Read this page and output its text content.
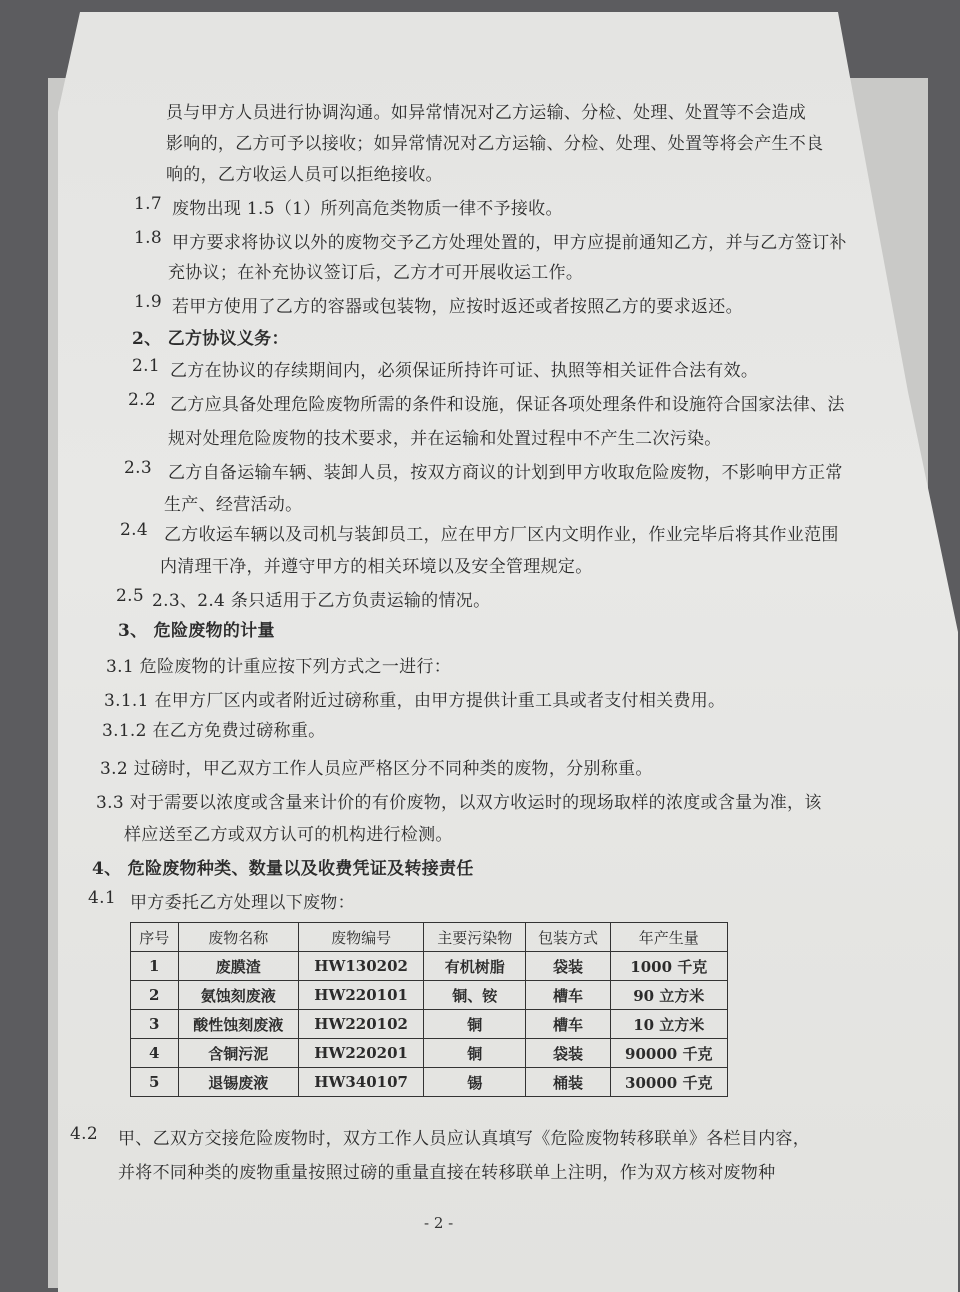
员与甲方人员进行协调沟通。如异常情况对乙方运输、分检、处理、处置等不会造成
影响的，乙方可予以接收；如异常情况对乙方运输、分检、处理、处置等将会产生不良
响的，乙方收运人员可以拒绝接收。
1.7 废物出现 1.5（1）所列高危类物质一律不予接收。
1.8 甲方要求将协议以外的废物交予乙方处理处置的，甲方应提前通知乙方，并与乙方签订补
充协议；在补充协议签订后，乙方才可开展收运工作。
1.9 若甲方使用了乙方的容器或包装物，应按时返还或者按照乙方的要求返还。
2、 乙方协议义务：
2.1 乙方在协议的存续期间内，必须保证所持许可证、执照等相关证件合法有效。
2.2 乙方应具备处理危险废物所需的条件和设施，保证各项处理条件和设施符合国家法律、法
规对处理危险废物的技术要求，并在运输和处置过程中不产生二次污染。
2.3 乙方自备运输车辆、装卸人员，按双方商议的计划到甲方收取危险废物，不影响甲方正常
生产、经营活动。
2.4 乙方收运车辆以及司机与装卸员工，应在甲方厂区内文明作业，作业完毕后将其作业范围
内清理干净，并遵守甲方的相关环境以及安全管理规定。
2.5 2.3、2.4 条只适用于乙方负责运输的情况。
3、 危险废物的计量
3.1 危险废物的计重应按下列方式之一进行：
3.1.1 在甲方厂区内或者附近过磅称重，由甲方提供计重工具或者支付相关费用。
3.1.2 在乙方免费过磅称重。
3.2 过磅时，甲乙双方工作人员应严格区分不同种类的废物，分别称重。
3.3 对于需要以浓度或含量来计价的有价废物，以双方收运时的现场取样的浓度或含量为准，该
样应送至乙方或双方认可的机构进行检测。
4、 危险废物种类、数量以及收费凭证及转接责任
4.1 甲方委托乙方处理以下废物：
序号	废物名称	废物编号	主要污染物	包装方式	年产生量
1	废膜渣	HW130202	有机树脂	袋装	1000 千克
2	氨蚀刻废液	HW220101	铜、铵	槽车	90 立方米
3	酸性蚀刻废液	HW220102	铜	槽车	10 立方米
4	含铜污泥	HW220201	铜	袋装	90000 千克
5	退锡废液	HW340107	锡	桶装	30000 千克
4.2 甲、乙双方交接危险废物时，双方工作人员应认真填写《危险废物转移联单》各栏目内容，
并将不同种类的废物重量按照过磅的重量直接在转移联单上注明，作为双方核对废物种
- 2 -
